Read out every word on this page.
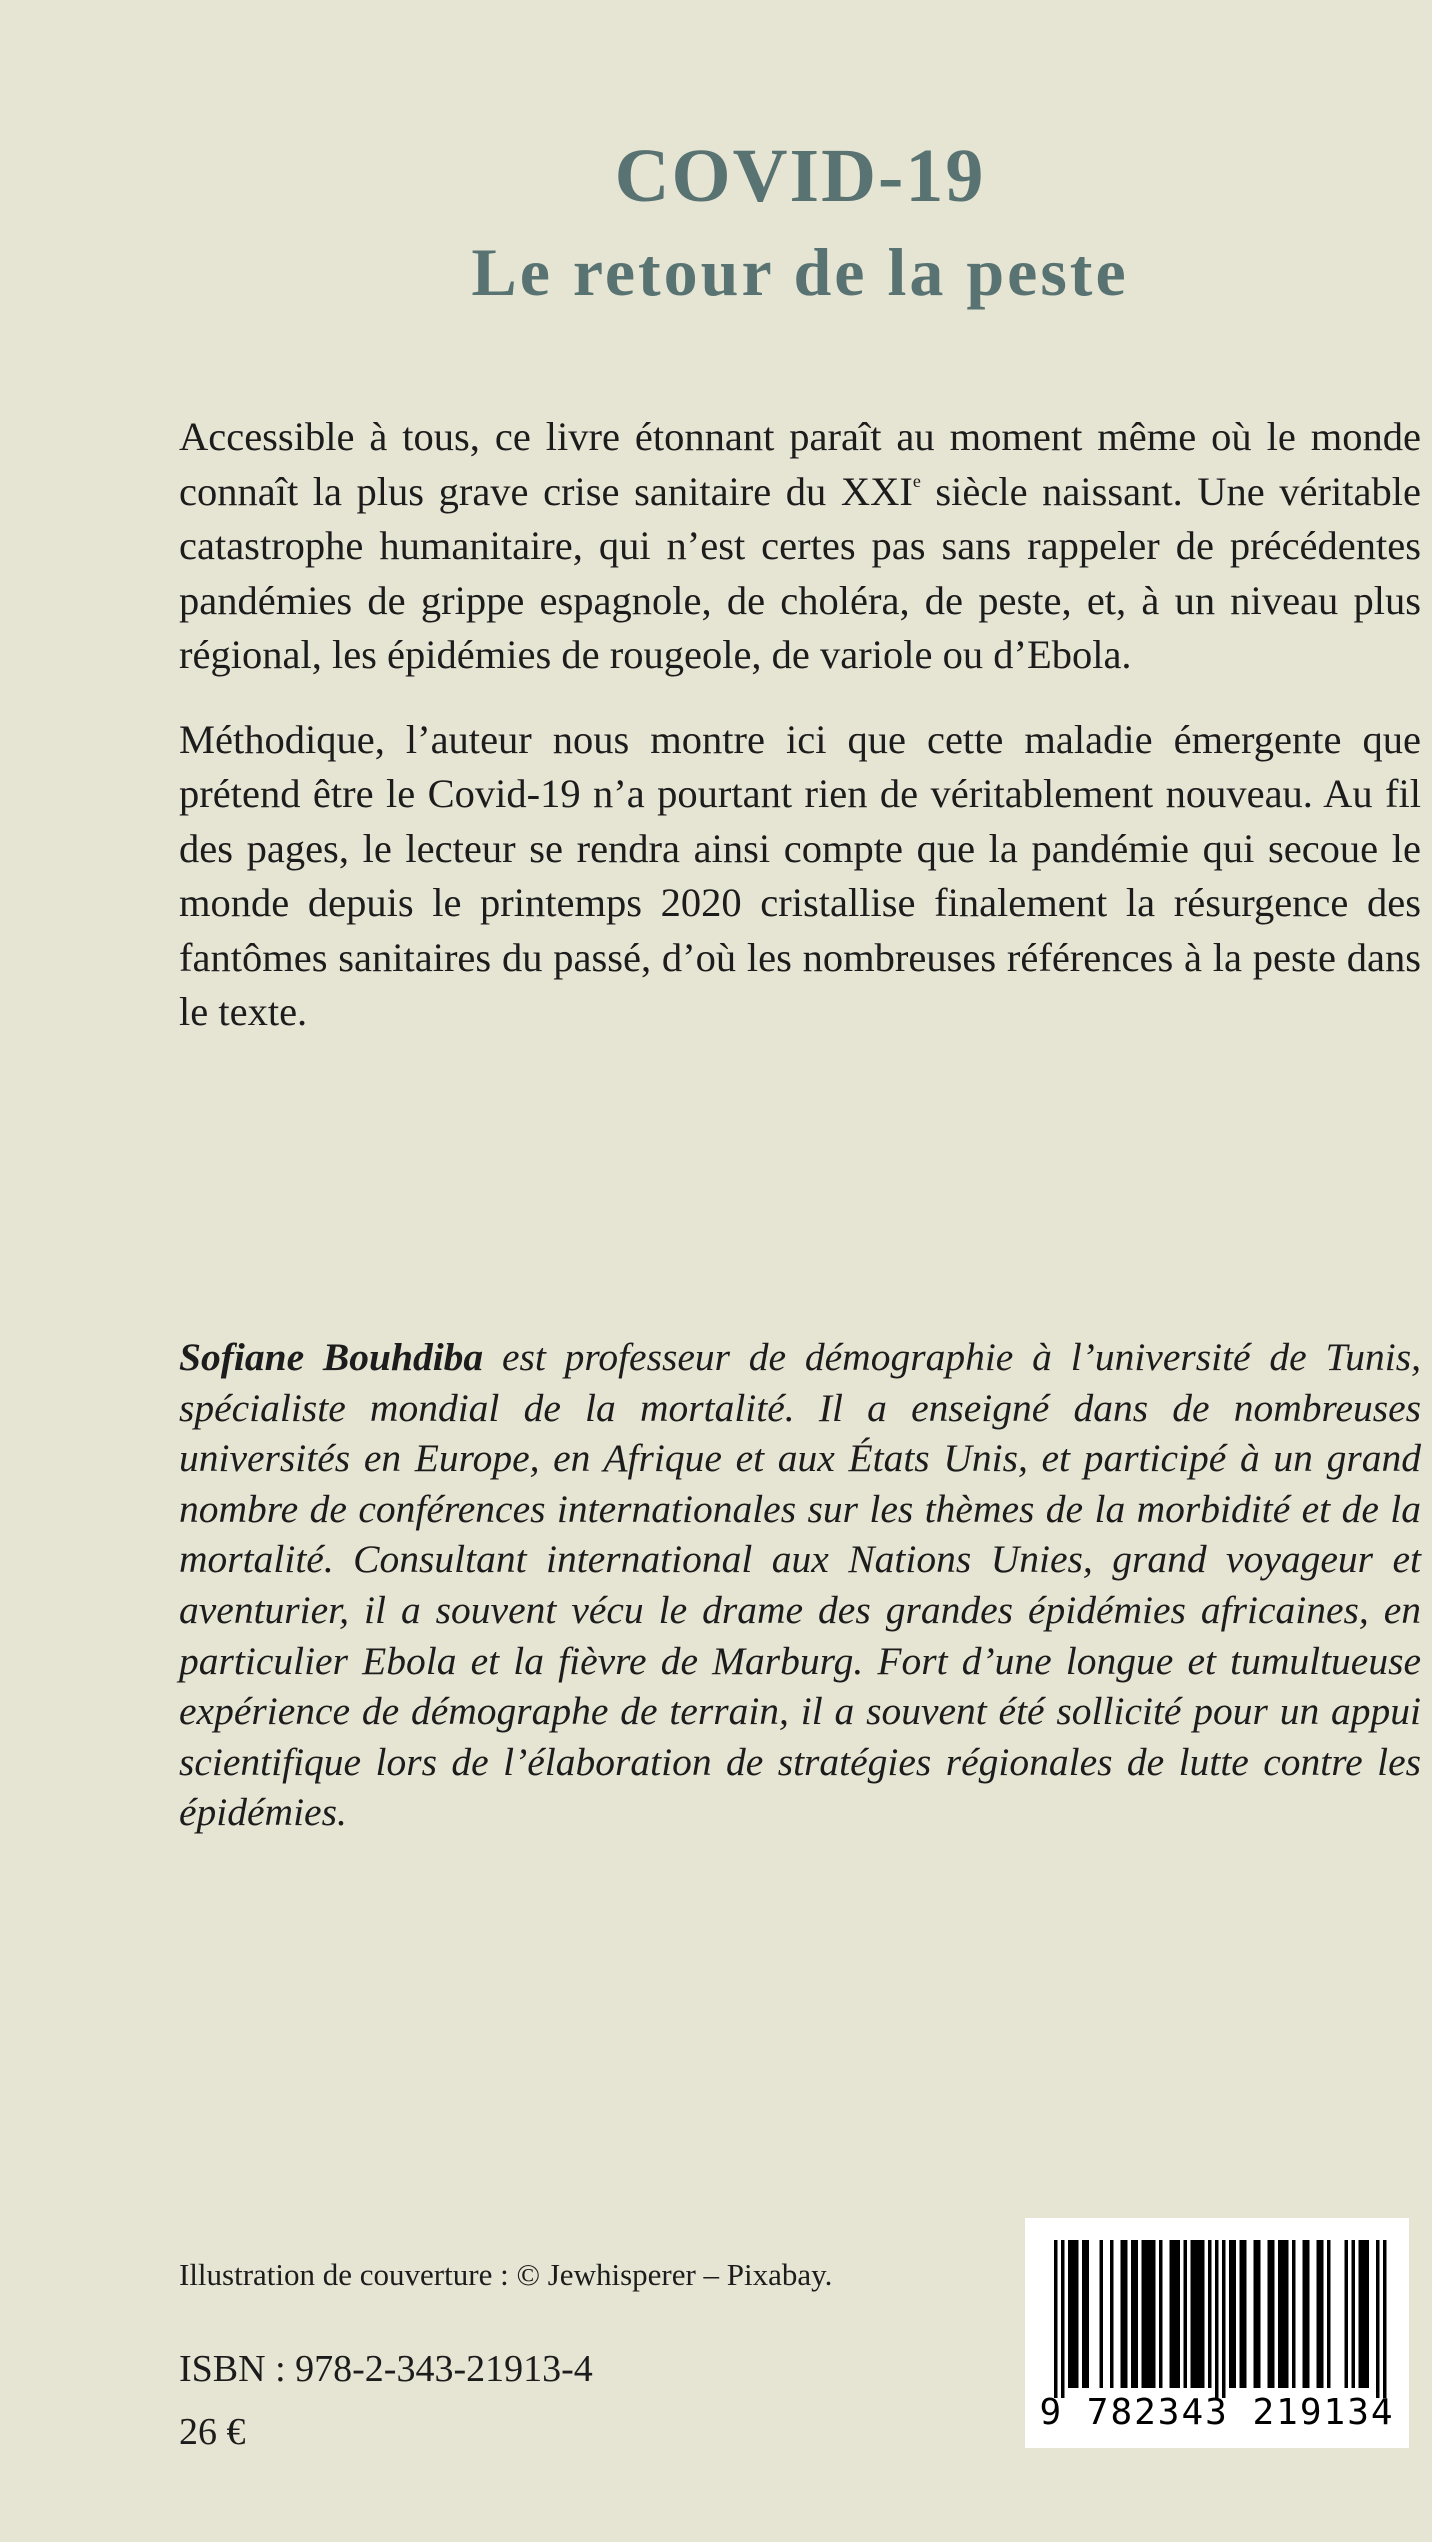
COVID-19
Le retour de la peste

Accessible à tous, ce livre étonnant paraît au moment même où le monde connaît la plus grave crise sanitaire du XXIe siècle naissant. Une véritable catastrophe humanitaire, qui n’est certes pas sans rappeler de précédentes pandémies de grippe espagnole, de choléra, de peste, et, à un niveau plus régional, les épidémies de rougeole, de variole ou d’Ebola.

Méthodique, l’auteur nous montre ici que cette maladie émergente que prétend être le Covid-19 n’a pourtant rien de véritablement nouveau. Au fil des pages, le lecteur se rendra ainsi compte que la pandémie qui secoue le monde depuis le printemps 2020 cristallise finalement la résurgence des fantômes sanitaires du passé, d’où les nombreuses références à la peste dans le texte.

Sofiane Bouhdiba est professeur de démographie à l’université de Tunis, spécialiste mondial de la mortalité. Il a enseigné dans de nombreuses universités en Europe, en Afrique et aux États Unis, et participé à un grand nombre de conférences internationales sur les thèmes de la morbidité et de la mortalité. Consultant international aux Nations Unies, grand voyageur et aventurier, il a souvent vécu le drame des grandes épidémies africaines, en particulier Ebola et la fièvre de Marburg. Fort d’une longue et tumultueuse expérience de démographe de terrain, il a souvent été sollicité pour un appui scientifique lors de l’élaboration de stratégies régionales de lutte contre les épidémies.

Illustration de couverture : © Jewhisperer – Pixabay.
ISBN : 978-2-343-21913-4
26 €	9 782343 219134
